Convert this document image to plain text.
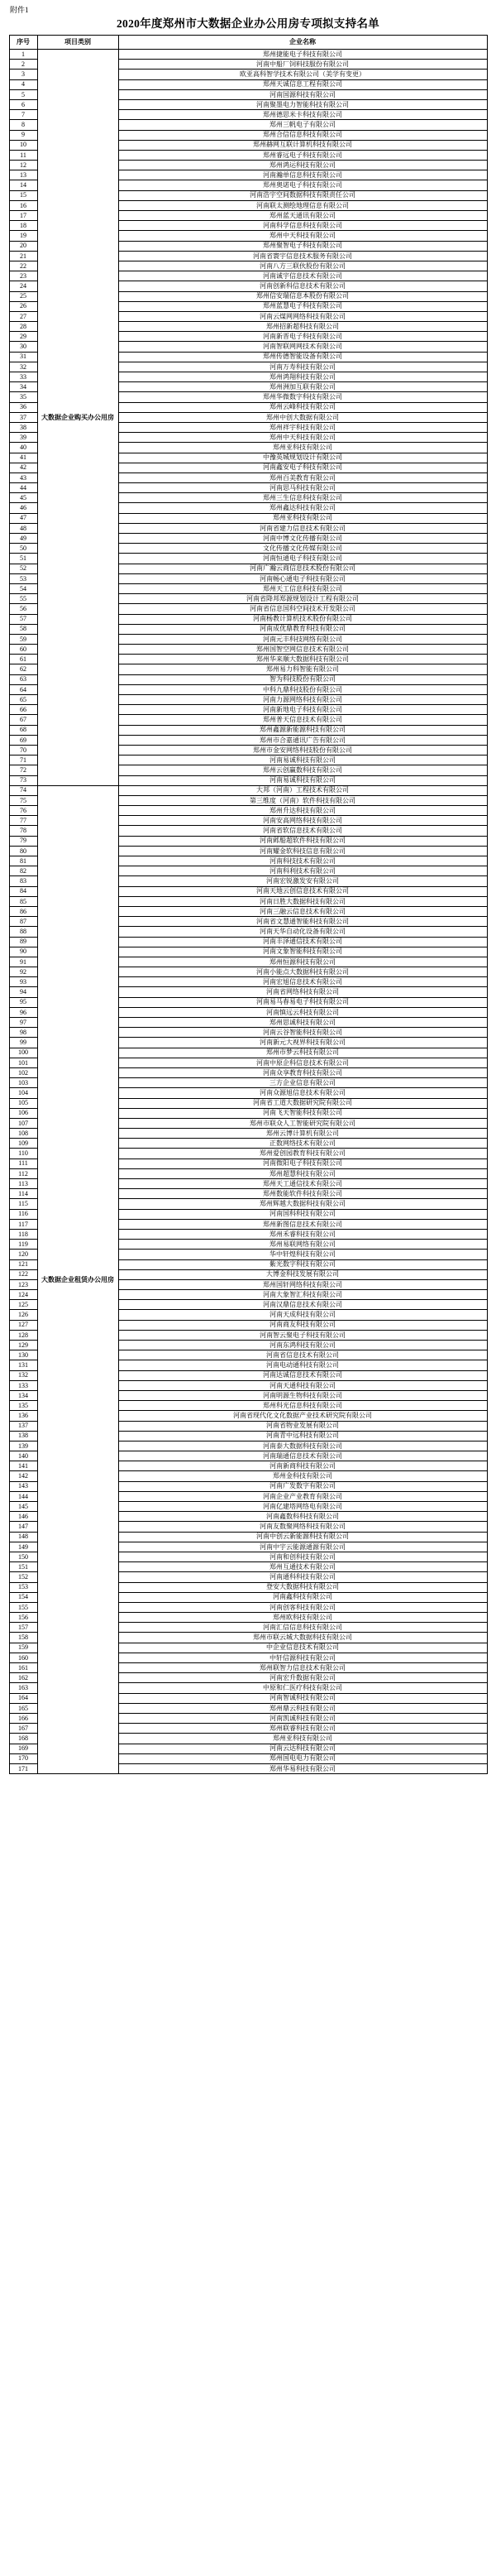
附件1
2020年度郑州市大数据企业办公用房专项拟支持名单
序号	项目类别	企业名称
1	大数据企业购买办公用房	郑州捷能电子科技有限公司
2		河南中船厂饲料技服份有限公司
3		欧亚高科智学技术有限公司（美学有变更）
4		郑州天诚信息工程有限公司
5		河南国源科技有限公司
6		河南聚墨电力智能科技有限公司
7		郑州德思米卡科技有限公司
8		郑州三帆电子有限公司
9		郑州合信信息科技有限公司
10		郑州赫网互联计算机科技有限公司
11		郑州睿远电子科技有限公司
12		郑州鸿运科技有限公司
13		河南瀚单信息科技有限公司
14		郑州奥诺电子科技有限公司
15		河南浩宇空间数据科技有限责任公司
16		河南联太测绘地理信息有限公司
17		郑州蓝天通讯有限公司
18		河南科学信息科技有限公司
19		郑州中天科技有限公司
20		郑州聚智电子科技有限公司
21		河南省寰宇信息技术服务有限公司
22		河南八方三联伙股份有限公司
23		河南诚宇信息技术有限公司
24		河南创新科信息技术有限公司
25		郑州信安瑞信息本股份有限公司
26		郑州蓝慧电子科技有限公司
27		河南云煤网网络科技有限公司
28		郑州招新超科技有限公司
29		河南新晋电子科技有限公司
30		河南智联网网技术有限公司
31		郑州传德智能设备有限公司
32		河南万寿科技有限公司
33		郑州鸿翔科技有限公司
34		郑州洲加互联有限公司
35		郑州华微数字科技有限公司
36		郑州云峰科技有限公司
37		郑州中创大数据有限公司
38		郑州祥宇科技有限公司
39		郑州中天科技有限公司
40		郑州亚科技有限公司
41		中豫英城规划设计有限公司
42		河南鑫安电子科技有限公司
43		郑州百美教育有限公司
44		河南思马科技有限公司
45		郑州三生信息科技有限公司
46		郑州鑫达科技有限公司
47		郑州亚科技有限公司
48		河南省建力信息技术有限公司
49		河南中博文化传播有限公司
50		文化传播文化传媒有限公司
51		河南恒通电子科技有限公司
52		河南广瀚云商信息技术股份有限公司
53		河南畅心通电子科技有限公司
54		郑州天工信息科技有限公司
55		河南省降邦郑源规划设计工程有限公司
56		河南省信息国科空间技术开发限公司
57		河南杨教计算机技术股份有限公司
58		河南成优鼎教育科技有限公司
59		河南元丰科技网络有限公司
60		郑州国智空网信息技术有限公司
61		郑州华来顺大数据科技有限公司
62		郑州易力科智能有限公司
63		智为科技股份有限公司
64		中科九鼎科技股份有限公司
65		河南力源网络科技有限公司
66		河南新地电子科技有限公司
67		郑州普天信息技术有限公司
68		郑州鑫源新能源科技有限公司
69		郑州市合嘉通讯广告有限公司
70		郑州市金安网络科技股份有限公司
71		河南易诚科技有限公司
72		郑州云创赢数科技有限公司
73		河南易诚科技有限公司
74	大数据企业租赁办公用房	大邦（河南）工程技术有限公司
75		第三维度（河南）软件科技有限公司
76		郑州升达科技有限公司
77		河南安高网络科技有限公司
78		河南省软信息技术有限公司
79		河南邺船超软件科技有限公司
80		河南耀金软科技信息有限公司
81		河南科技技术有限公司
82		河南科利技术有限公司
83		河南宏锐激发安有限公司
84		河南天地云创信息技术有限公司
85		河南日胜大数据科技有限公司
86		河南三融云信息技术有限公司
87		河南省文慧通智能科技有限公司
88		河南天华自动化设备有限公司
89		河南丰泽通信技术有限公司
90		河南文象智能科技有限公司
91		郑州恒源科技有限公司
92		河南小能点大数据科技有限公司
93		河南宏旭信息技术有限公司
94		河南省网络科技有限公司
95		河南易马春易电子科技有限公司
96		河南慎远云科技有限公司
97		郑州思诚科技有限公司
98		河南云谷智能科技有限公司
99		河南新元大视界科技有限公司
100		郑州市梦云科技有限公司
101		河南中原企科信息技术有限公司
102		河南众享教育科技有限公司
103		三方企业信息有限公司
104		河南众源旭信息技术有限公司
105		河南省工道大数据研究院有限公司
106		河南飞天智能科技有限公司
107		郑州市联众人工智能研究院有限公司
108		郑州云博计算机有限公司
109		正数网络技术有限公司
110		郑州爱创园教育科技有限公司
111		河南微阳电子科技有限公司
112		郑州超慧科技有限公司
113		郑州天工通信技术有限公司
114		郑州数能软件科技有限公司
115		郑州辉越大数据科技有限公司
116		河南国科科技有限公司
117		郑州新图信息技术有限公司
118		郑州禾睿科技有限公司
119		郑州易联网络有限公司
120		华中轩煌科技有限公司
121		紫光数字科技有限公司
122		大博金科技发展有限公司
123		郑州国轩网络科技有限公司
124		河南大象智汇科技有限公司
125		河南汉鼎信息技术有限公司
126		河南天成科技有限公司
127		河南商友科技有限公司
128		河南智云聚电子科技有限公司
129		河南东鸿科技有限公司
130		河南省信息技术有限公司
131		河南电动通科技有限公司
132		河南达诚信息技术有限公司
133		河南天通科技有限公司
134		河南明源生物科技有限公司
135		郑州科光信息科技有限公司
136		河南省现代化文化数据产业技术研究院有限公司
137		河南省物业发展有限公司
138		河南青中远科技有限公司
139		河南泰大数据科技有限公司
140		河南瑞通信息技术有限公司
141		河南新商科技有限公司
142		郑州金科技有限公司
143		河南广发数字有限公司
144		河南企业产业教育有限公司
145		河南亿建塔网络电有限公司
146		河南鑫数科科技有限公司
147		河南友数聚网络科技有限公司
148		河南中创云新能源科技有限公司
149		河南中宇云能源通源有限公司
150		河南和创科技有限公司
151		郑州互通技术有限公司
152		河南通科科技有限公司
153		登安大数据科技有限公司
154		河南鑫科技有限公司
155		河南创客科技有限公司
156		郑州欧科技有限公司
157		河南汇信信息科技有限公司
158		郑州市联云城大数据科技有限公司
159		中企业信息技术有限公司
160		中轩信源科技有限公司
161		郑州联智力信息技术有限公司
162		河南宏升数据有限公司
163		中原和仁医疗科技有限公司
164		河南智诚科技有限公司
165		郑州鼎云科技有限公司
166		河南凯诚科技有限公司
167		郑州联睿科技有限公司
168		郑州亚科技有限公司
169		河南云达科技有限公司
170		郑州国电电力有限公司
171		郑州华易科技有限公司
